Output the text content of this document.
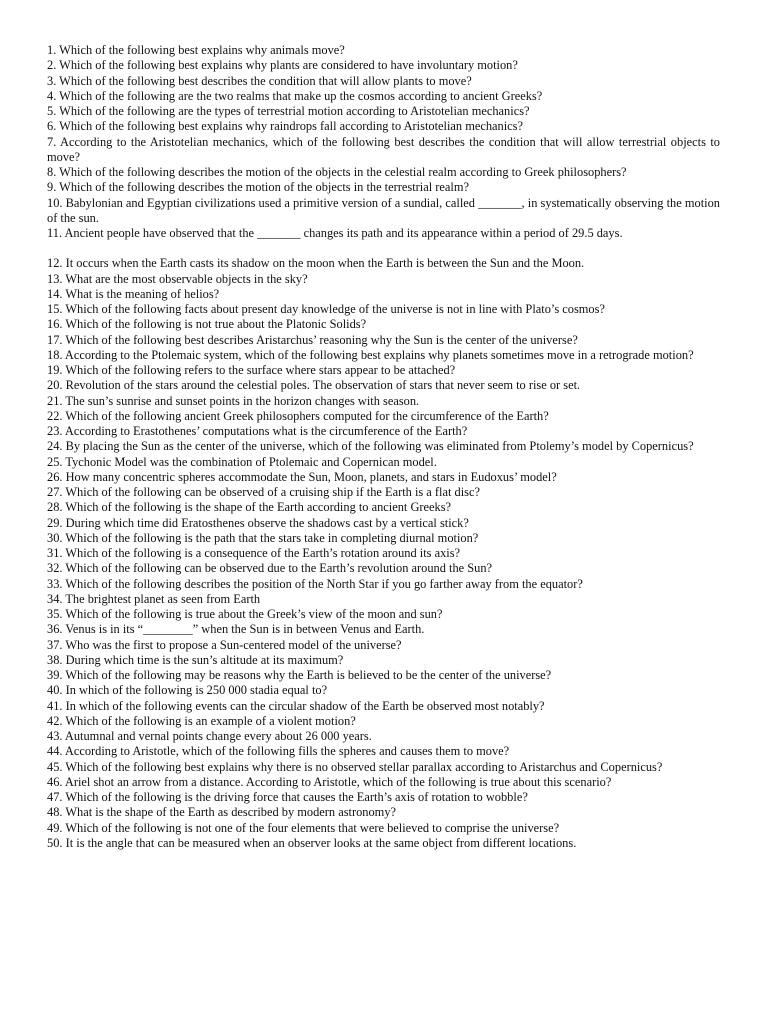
1. Which of the following best explains why animals move?

2. Which of the following best explains why plants are considered to have involuntary motion?

3. Which of the following best describes the condition that will allow plants to move?

4. Which of the following are the two realms that make up the cosmos according to ancient Greeks?

5. Which of the following are the types of terrestrial motion according to Aristotelian mechanics?

6. Which of the following best explains why raindrops fall according to Aristotelian mechanics?

7. According to the Aristotelian mechanics, which of the following best describes the condition that will allow terrestrial objects to move?

8. Which of the following describes the motion of the objects in the celestial realm according to Greek philosophers?

9. Which of the following describes the motion of the objects in the terrestrial realm?

10. Babylonian and Egyptian civilizations used a primitive version of a sundial, called _______, in systematically observing the motion of the sun.

11. Ancient people have observed that the _______ changes its path and its appearance within a period of 29.5 days.

12. It occurs when the Earth casts its shadow on the moon when the Earth is between the Sun and the Moon.

13. What are the most observable objects in the sky?

14. What is the meaning of helios?

15. Which of the following facts about present day knowledge of the universe is not in line with Plato’s cosmos?

16. Which of the following is not true about the Platonic Solids?

17. Which of the following best describes Aristarchus’ reasoning why the Sun is the center of the universe?

18. According to the Ptolemaic system, which of the following best explains why planets sometimes move in a retrograde motion?

19. Which of the following refers to the surface where stars appear to be attached?

20. Revolution of the stars around the celestial poles. The observation of stars that never seem to rise or set.

21. The sun’s sunrise and sunset points in the horizon changes with season.

22. Which of the following ancient Greek philosophers computed for the circumference of the Earth?

23. According to Erastothenes’ computations what is the circumference of the Earth?

24. By placing the Sun as the center of the universe, which of the following was eliminated from Ptolemy’s model by Copernicus?

25. Tychonic Model was the combination of Ptolemaic and Copernican model.

26. How many concentric spheres accommodate the Sun, Moon, planets, and stars in Eudoxus’ model?

27. Which of the following can be observed of a cruising ship if the Earth is a flat disc?

28. Which of the following is the shape of the Earth according to ancient Greeks?

29. During which time did Eratosthenes observe the shadows cast by a vertical stick?

30. Which of the following is the path that the stars take in completing diurnal motion?

31. Which of the following is a consequence of the Earth’s rotation around its axis?

32. Which of the following can be observed due to the Earth’s revolution around the Sun?

33. Which of the following describes the position of the North Star if you go farther away from the equator?

34. The brightest planet as seen from Earth

35. Which of the following is true about the Greek’s view of the moon and sun?

36. Venus is in its “________” when the Sun is in between Venus and Earth.

37. Who was the first to propose a Sun-centered model of the universe?

38. During which time is the sun’s altitude at its maximum?

39. Which of the following may be reasons why the Earth is believed to be the center of the universe?

40. In which of the following is 250 000 stadia equal to?

41. In which of the following events can the circular shadow of the Earth be observed most notably?

42. Which of the following is an example of a violent motion?

43. Autumnal and vernal points change every about 26 000 years.

44. According to Aristotle, which of the following fills the spheres and causes them to move?

45. Which of the following best explains why there is no observed stellar parallax according to Aristarchus and Copernicus?

46. Ariel shot an arrow from a distance. According to Aristotle, which of the following is true about this scenario?

47. Which of the following is the driving force that causes the Earth’s axis of rotation to wobble?

48. What is the shape of the Earth as described by modern astronomy?

49. Which of the following is not one of the four elements that were believed to comprise the universe?

50. It is the angle that can be measured when an observer looks at the same object from different locations.
